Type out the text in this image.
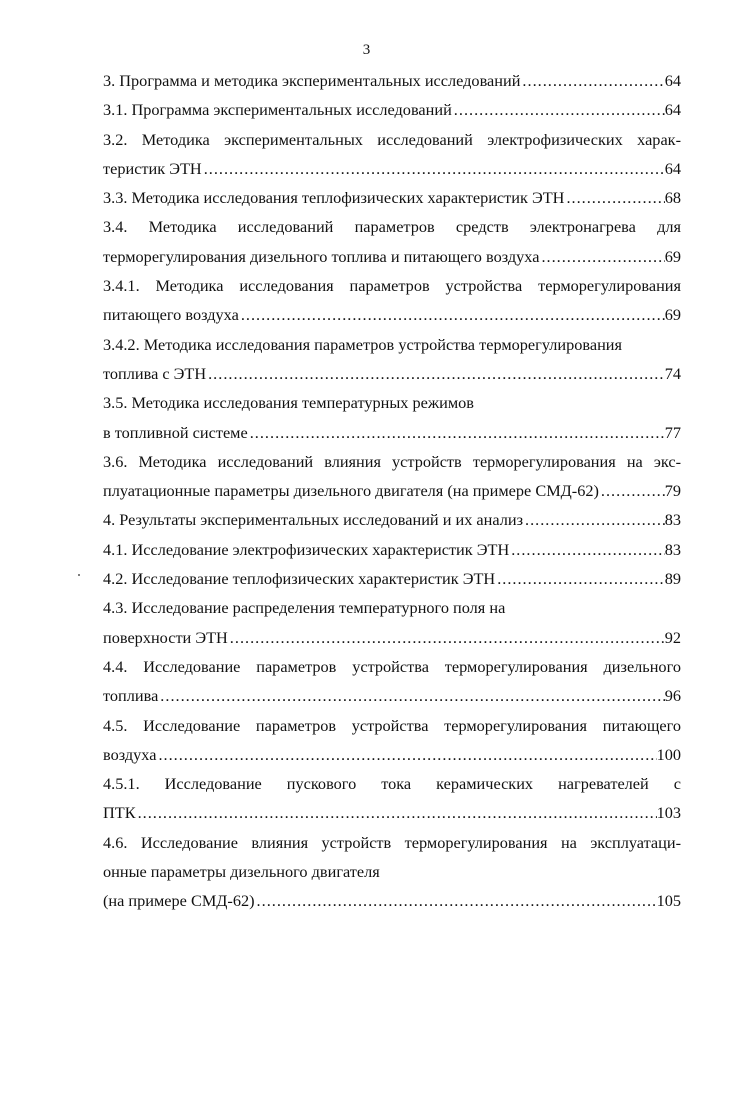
3
3. Программа и методика экспериментальных исследований .....	64
3.1. Программа экспериментальных исследований .....	64
3.2. Методика экспериментальных исследований электрофизических харак-
теристик ЭТН .....	64
3.3. Методика исследования теплофизических характеристик ЭТН .....	68
3.4. Методика исследований параметров средств электронагрева для
терморегулирования дизельного топлива и питающего воздуха .....	69
3.4.1. Методика исследования параметров устройства терморегулирования
питающего воздуха .....	69
3.4.2. Методика исследования параметров устройства терморегулирования
топлива с ЭТН .....	74
3.5. Методика исследования температурных режимов
в топливной системе .....	77
3.6. Методика исследований влияния устройств терморегулирования на экс-
плуатационные параметры дизельного двигателя (на примере СМД-62) .....	79
4. Результаты экспериментальных исследований и их анализ .....	83
4.1. Исследование электрофизических характеристик ЭТН .....	83
4.2. Исследование теплофизических характеристик ЭТН .....	89
4.3. Исследование распределения температурного поля на
поверхности ЭТН .....	92
4.4. Исследование параметров устройства терморегулирования дизельного
топлива .....	96
4.5. Исследование параметров устройства терморегулирования питающего
воздуха .....	100
4.5.1. Исследование пускового тока керамических нагревателей с
ПТК .....	103
4.6. Исследование влияния устройств терморегулирования на эксплуатаци-
онные параметры дизельного двигателя
(на примере СМД-62) .....	105
